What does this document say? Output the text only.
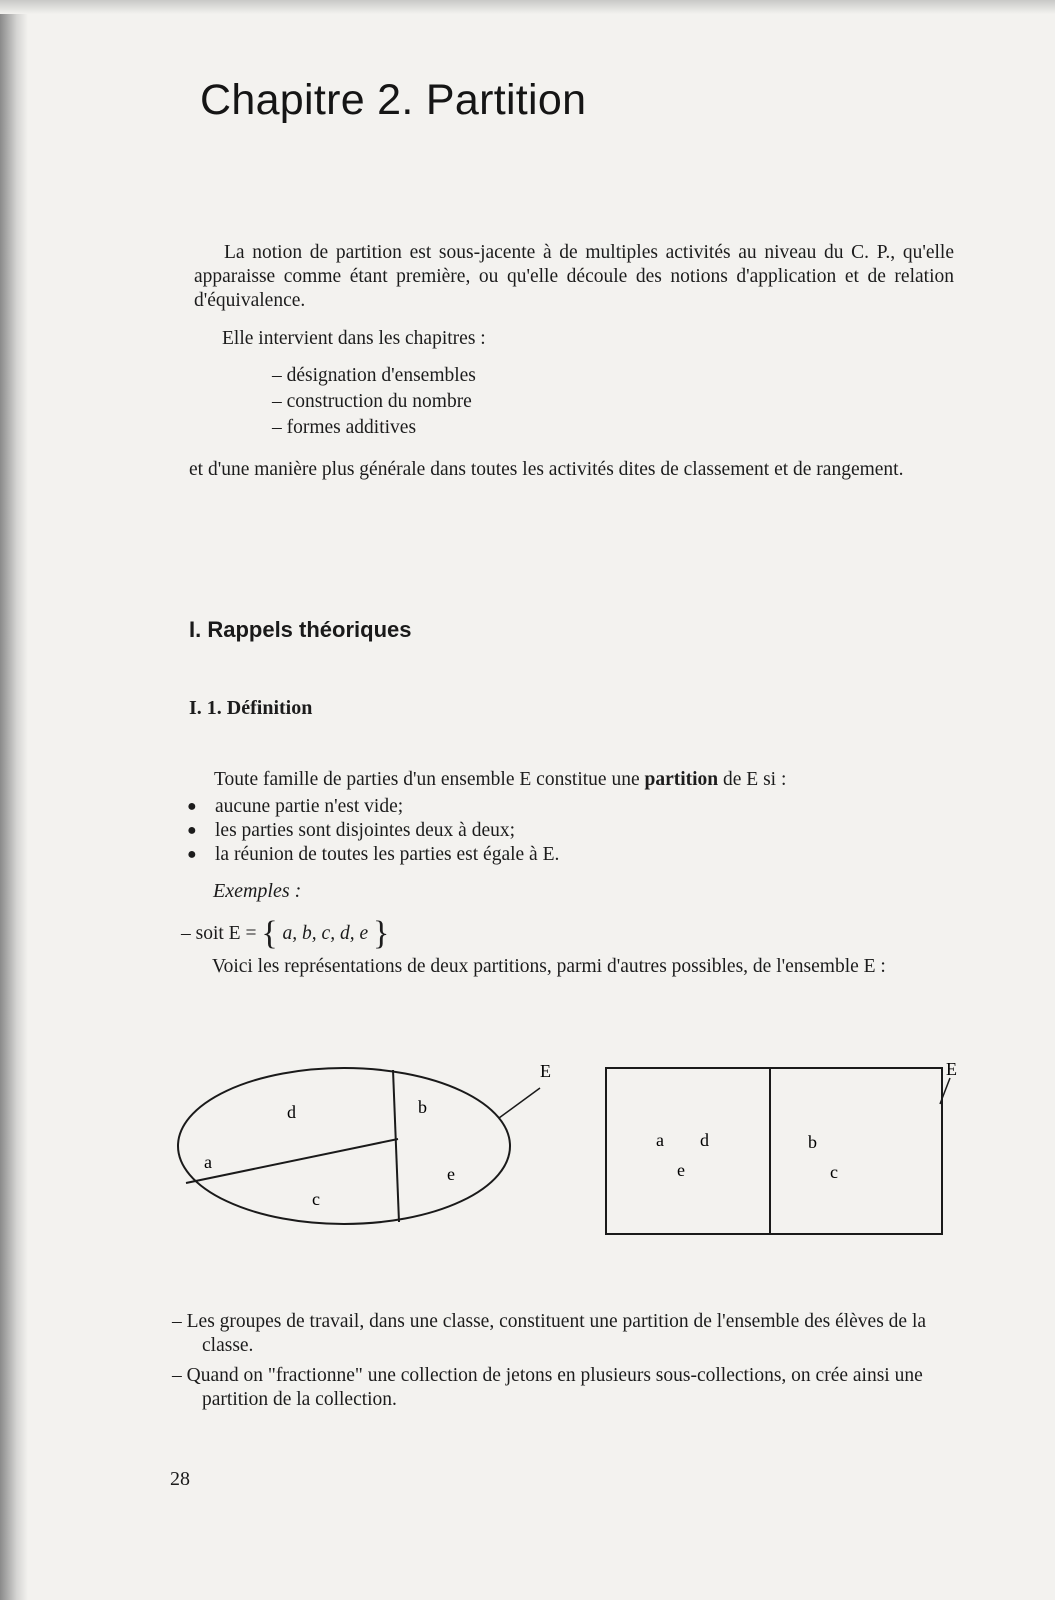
Chapitre 2. Partition

La notion de partition est sous-jacente à de multiples activités au niveau du C. P., qu'elle apparaisse comme étant première, ou qu'elle découle des notions d'application et de relation d'équivalence.

Elle intervient dans les chapitres :

– désignation d'ensembles
– construction du nombre
– formes additives

et d'une manière plus générale dans toutes les activités dites de classement et de rangement.

I. Rappels théoriques
I. 1. Définition

Toute famille de parties d'un ensemble E constitue une partition de E si :

● aucune partie n'est vide;
● les parties sont disjointes deux à deux;
● la réunion de toutes les parties est égale à E.
Exemples :
– soit E = { a, b, c, d, e }

Voici les représentations de deux partitions, parmi d'autres possibles, de l'ensemble E :

E
a
b
c
d
e
E
a	b
c
d
e
– Les groupes de travail, dans une classe, constituent une partition de l'ensemble des élèves de la classe.
– Quand on "fractionne" une collection de jetons en plusieurs sous-collections, on crée ainsi une partition de la collection.
28
